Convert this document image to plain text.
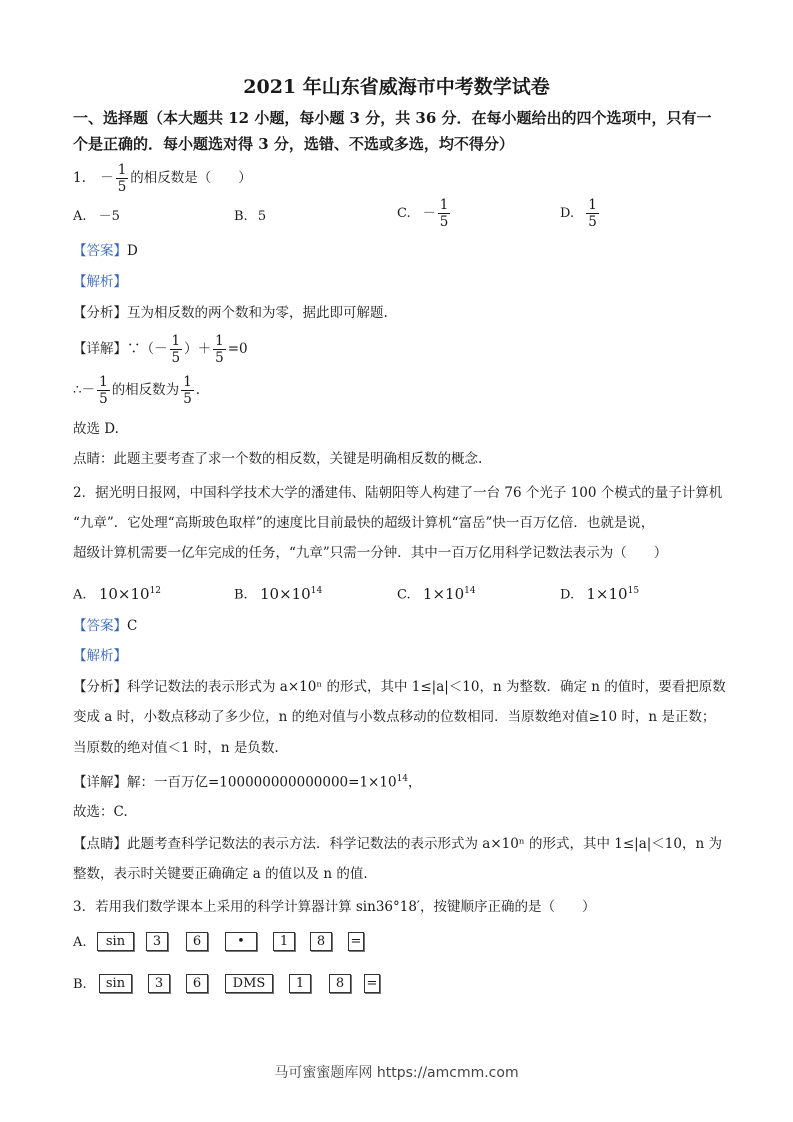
2021 年山东省威海市中考数学试卷
一、选择题（本大题共 12 小题，每小题 3 分，共 36 分．在每小题给出的四个选项中，只有一个是正确的．每小题选对得 3 分，选错、不选或多选，均不得分）
1. － $\frac{1}{5}$ 的相反数是（　　）
A. －5	B. 5	C. － $\frac{1}{5}$	D. $\frac{1}{5}$
【答案】D
【解析】
【分析】互为相反数的两个数和为零，据此即可解题.
【详解】∵（－ $\frac{1}{5}$ ）＋ $\frac{1}{5} =0$
∴－ $\frac{1}{5}$ 的相反数为 $\frac{1}{5}$ .
故选 D.
点睛：此题主要考查了求一个数的相反数，关键是明确相反数的概念.
2．据光明日报网，中国科学技术大学的潘建伟、陆朝阳等人构建了一台 76 个光子 100 个模式的量子计算机
“九章”．它处理“高斯玻色取样”的速度比目前最快的超级计算机“富岳”快一百万亿倍．也就是说，
超级计算机需要一亿年完成的任务，“九章”只需一分钟．其中一百万亿用科学记数法表示为（　　）
A. $10\times 10^{12}$	B. $10\times 10^{14}$	C. $1\times 10^{14}$	D. $1\times 10^{15}$
【答案】C
【解析】
【分析】科学记数法的表示形式为 a×10ⁿ 的形式，其中 1≤|a|＜10，n 为整数．确定 n 的值时，要看把原数
变成 a 时，小数点移动了多少位，n 的绝对值与小数点移动的位数相同．当原数绝对值≥10 时，n 是正数；
当原数的绝对值＜1 时，n 是负数.
【详解】解：一百万亿$=100000000000000=1\times 10^{14}$，
故选：C.
【点睛】此题考查科学记数法的表示方法．科学记数法的表示形式为 a×10ⁿ 的形式，其中 1≤|a|＜10，n 为
整数，表示时关键要正确确定 a 的值以及 n 的值.
3．若用我们数学课本上采用的科学计算器计算 sin36°18′，按键顺序正确的是（　　）
A.	sin	3	6	•	1	8	=
B.	sin	3	6	DMS	1	8	=
马可蜜蜜题库网 https://amcmm.com
